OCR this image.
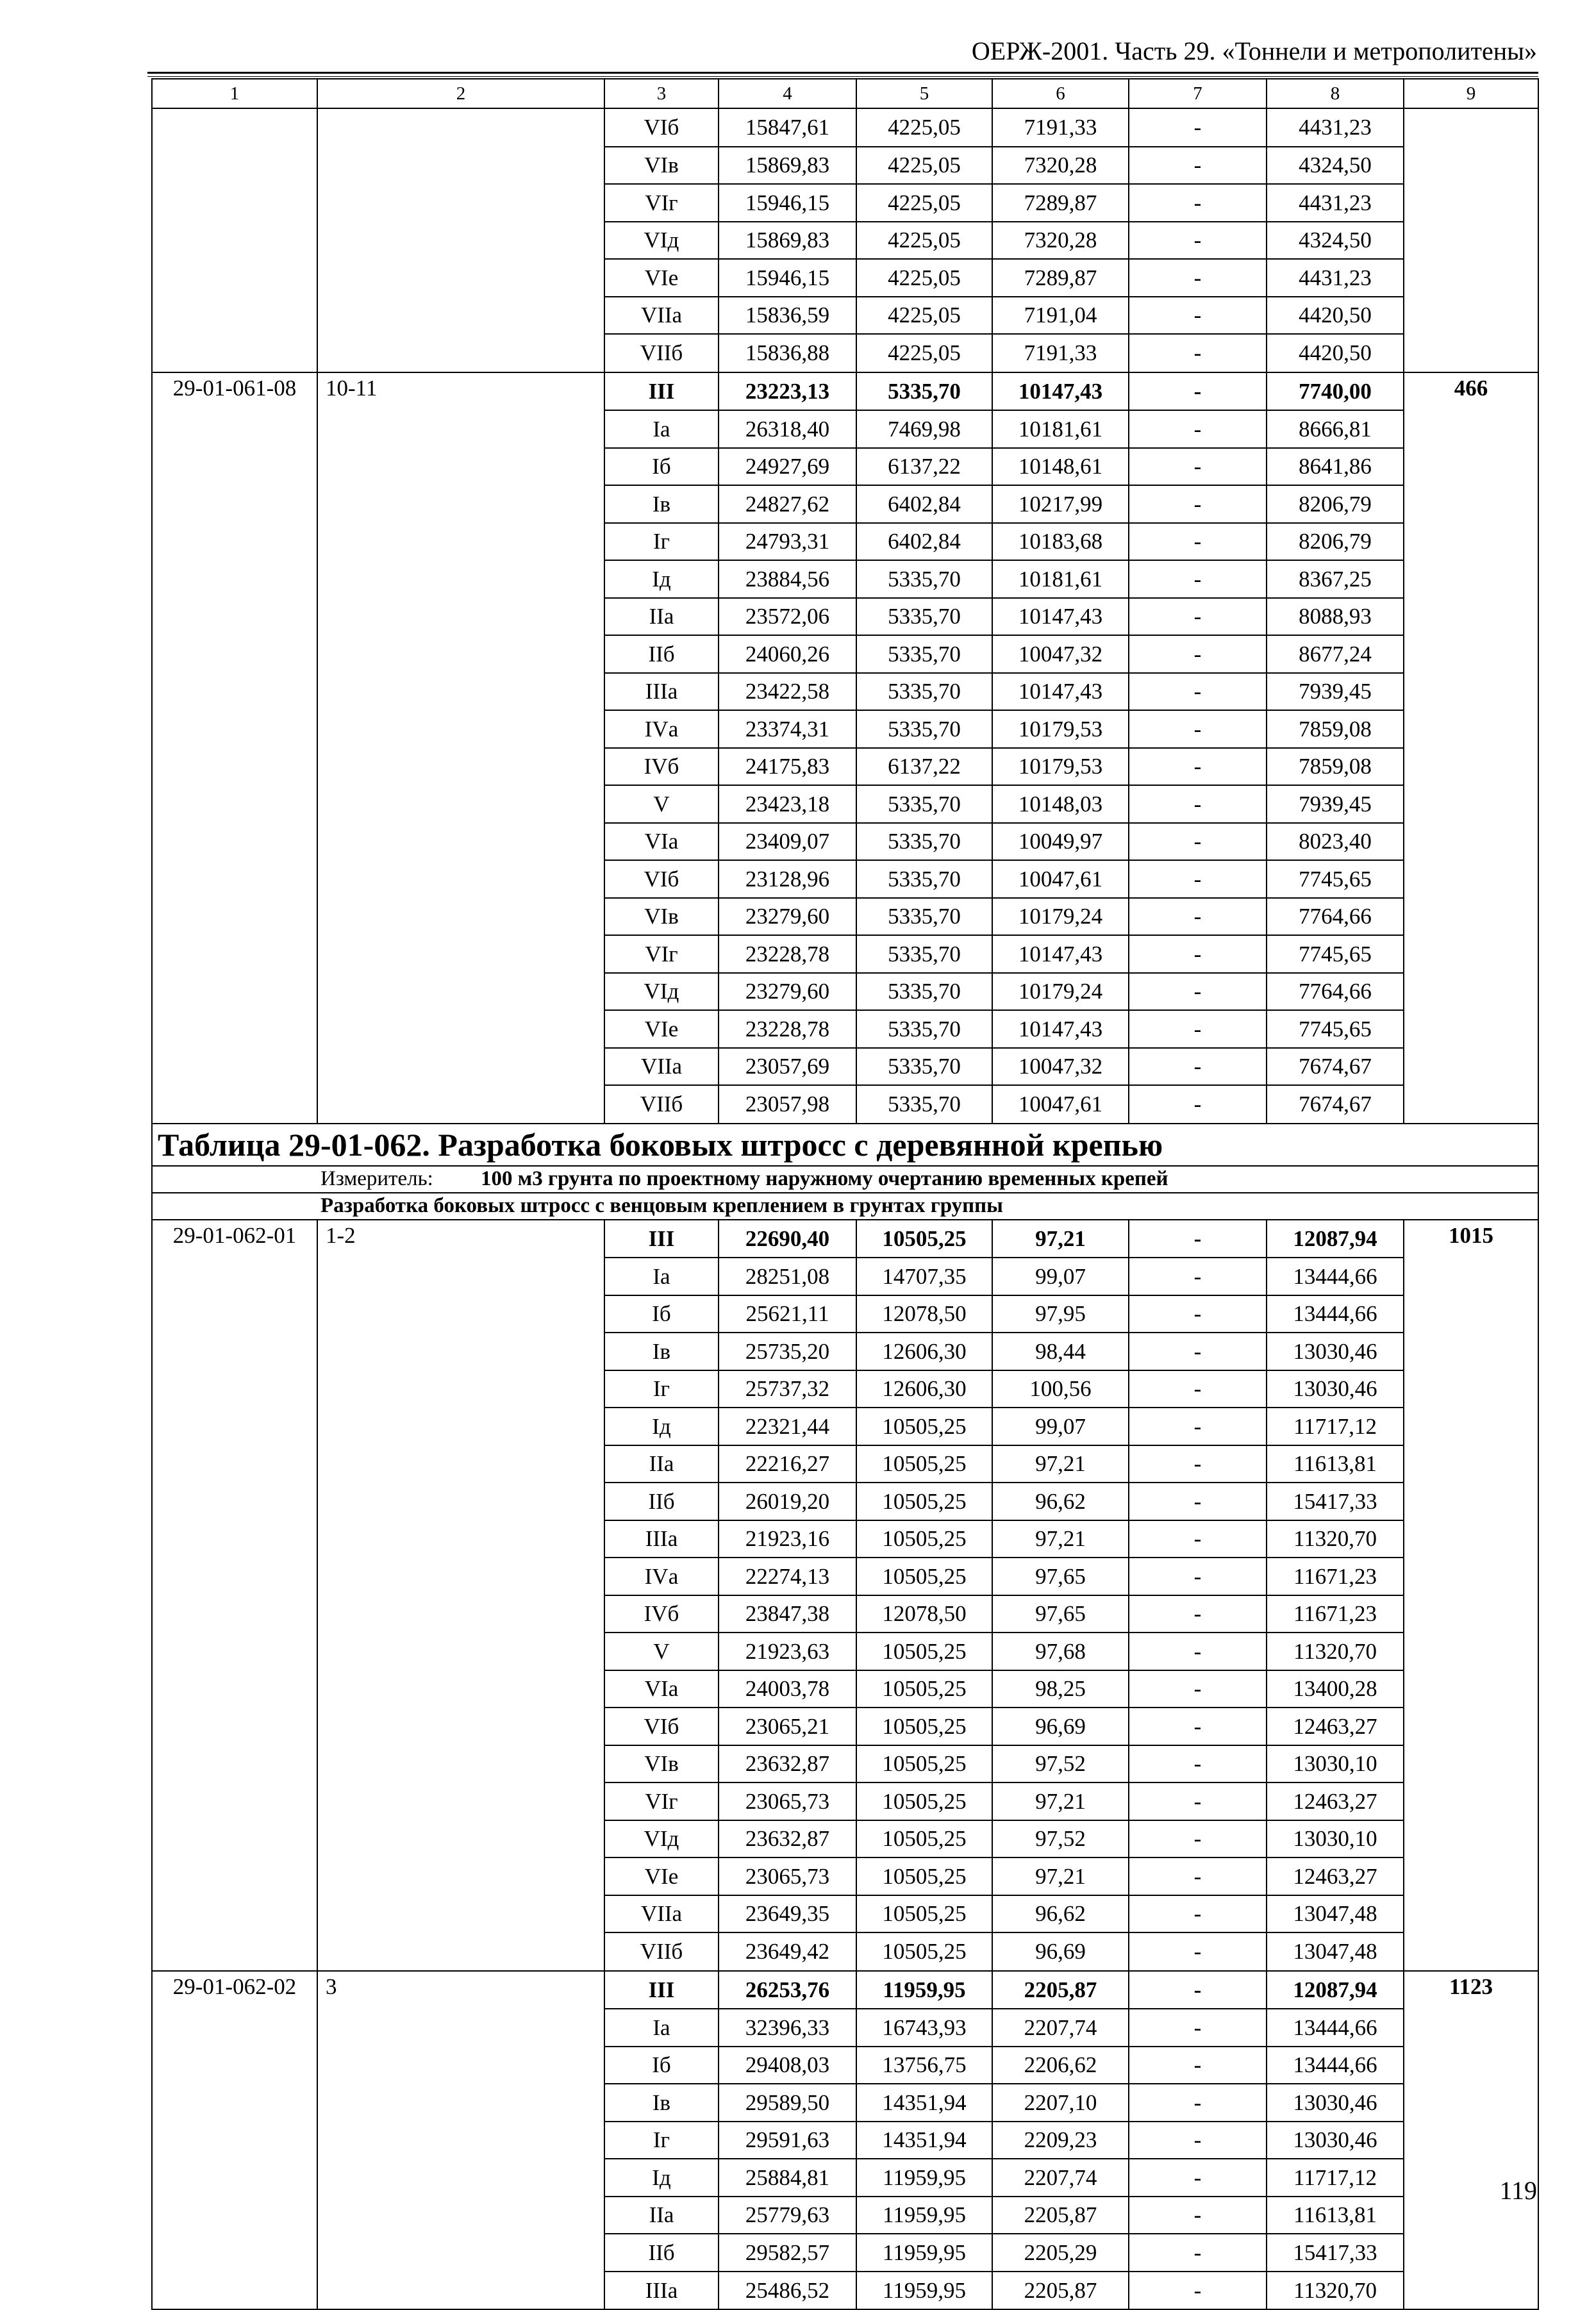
ОЕРЖ-2001. Часть 29. «Тоннели и метрополитены»
1	2	3	4	5	6	7	8	9
		VIб	15847,61	4225,05	7191,33	-	4431,23	
		VIв	15869,83	4225,05	7320,28	-	4324,50	
		VIг	15946,15	4225,05	7289,87	-	4431,23	
		VIд	15869,83	4225,05	7320,28	-	4324,50	
		VIе	15946,15	4225,05	7289,87	-	4431,23	
		VIIа	15836,59	4225,05	7191,04	-	4420,50	
		VIIб	15836,88	4225,05	7191,33	-	4420,50	
29-01-061-08	10-11	III	23223,13	5335,70	10147,43	-	7740,00	466
		Iа	26318,40	7469,98	10181,61	-	8666,81	
		Iб	24927,69	6137,22	10148,61	-	8641,86	
		Iв	24827,62	6402,84	10217,99	-	8206,79	
		Iг	24793,31	6402,84	10183,68	-	8206,79	
		Iд	23884,56	5335,70	10181,61	-	8367,25	
		IIа	23572,06	5335,70	10147,43	-	8088,93	
		IIб	24060,26	5335,70	10047,32	-	8677,24	
		IIIа	23422,58	5335,70	10147,43	-	7939,45	
		IVа	23374,31	5335,70	10179,53	-	7859,08	
		IVб	24175,83	6137,22	10179,53	-	7859,08	
		V	23423,18	5335,70	10148,03	-	7939,45	
		VIа	23409,07	5335,70	10049,97	-	8023,40	
		VIб	23128,96	5335,70	10047,61	-	7745,65	
		VIв	23279,60	5335,70	10179,24	-	7764,66	
		VIг	23228,78	5335,70	10147,43	-	7745,65	
		VIд	23279,60	5335,70	10179,24	-	7764,66	
		VIе	23228,78	5335,70	10147,43	-	7745,65	
		VIIа	23057,69	5335,70	10047,32	-	7674,67	
		VIIб	23057,98	5335,70	10047,61	-	7674,67	
Таблица 29-01-062. Разработка боковых штросс с деревянной крепью								
Измеритель: 100 м3 грунта по проектному наружному очертанию временных крепей								
Разработка боковых штросс с венцовым креплением в грунтах группы								
29-01-062-01	1-2	III	22690,40	10505,25	97,21	-	12087,94	1015
		Iа	28251,08	14707,35	99,07	-	13444,66	
		Iб	25621,11	12078,50	97,95	-	13444,66	
		Iв	25735,20	12606,30	98,44	-	13030,46	
		Iг	25737,32	12606,30	100,56	-	13030,46	
		Iд	22321,44	10505,25	99,07	-	11717,12	
		IIа	22216,27	10505,25	97,21	-	11613,81	
		IIб	26019,20	10505,25	96,62	-	15417,33	
		IIIа	21923,16	10505,25	97,21	-	11320,70	
		IVа	22274,13	10505,25	97,65	-	11671,23	
		IVб	23847,38	12078,50	97,65	-	11671,23	
		V	21923,63	10505,25	97,68	-	11320,70	
		VIа	24003,78	10505,25	98,25	-	13400,28	
		VIб	23065,21	10505,25	96,69	-	12463,27	
		VIв	23632,87	10505,25	97,52	-	13030,10	
		VIг	23065,73	10505,25	97,21	-	12463,27	
		VIд	23632,87	10505,25	97,52	-	13030,10	
		VIе	23065,73	10505,25	97,21	-	12463,27	
		VIIа	23649,35	10505,25	96,62	-	13047,48	
		VIIб	23649,42	10505,25	96,69	-	13047,48	
29-01-062-02	3	III	26253,76	11959,95	2205,87	-	12087,94	1123
		Iа	32396,33	16743,93	2207,74	-	13444,66	
		Iб	29408,03	13756,75	2206,62	-	13444,66	
		Iв	29589,50	14351,94	2207,10	-	13030,46	
		Iг	29591,63	14351,94	2209,23	-	13030,46	
		Iд	25884,81	11959,95	2207,74	-	11717,12	
		IIа	25779,63	11959,95	2205,87	-	11613,81	
		IIб	29582,57	11959,95	2205,29	-	15417,33	
		IIIа	25486,52	11959,95	2205,87	-	11320,70	
119
